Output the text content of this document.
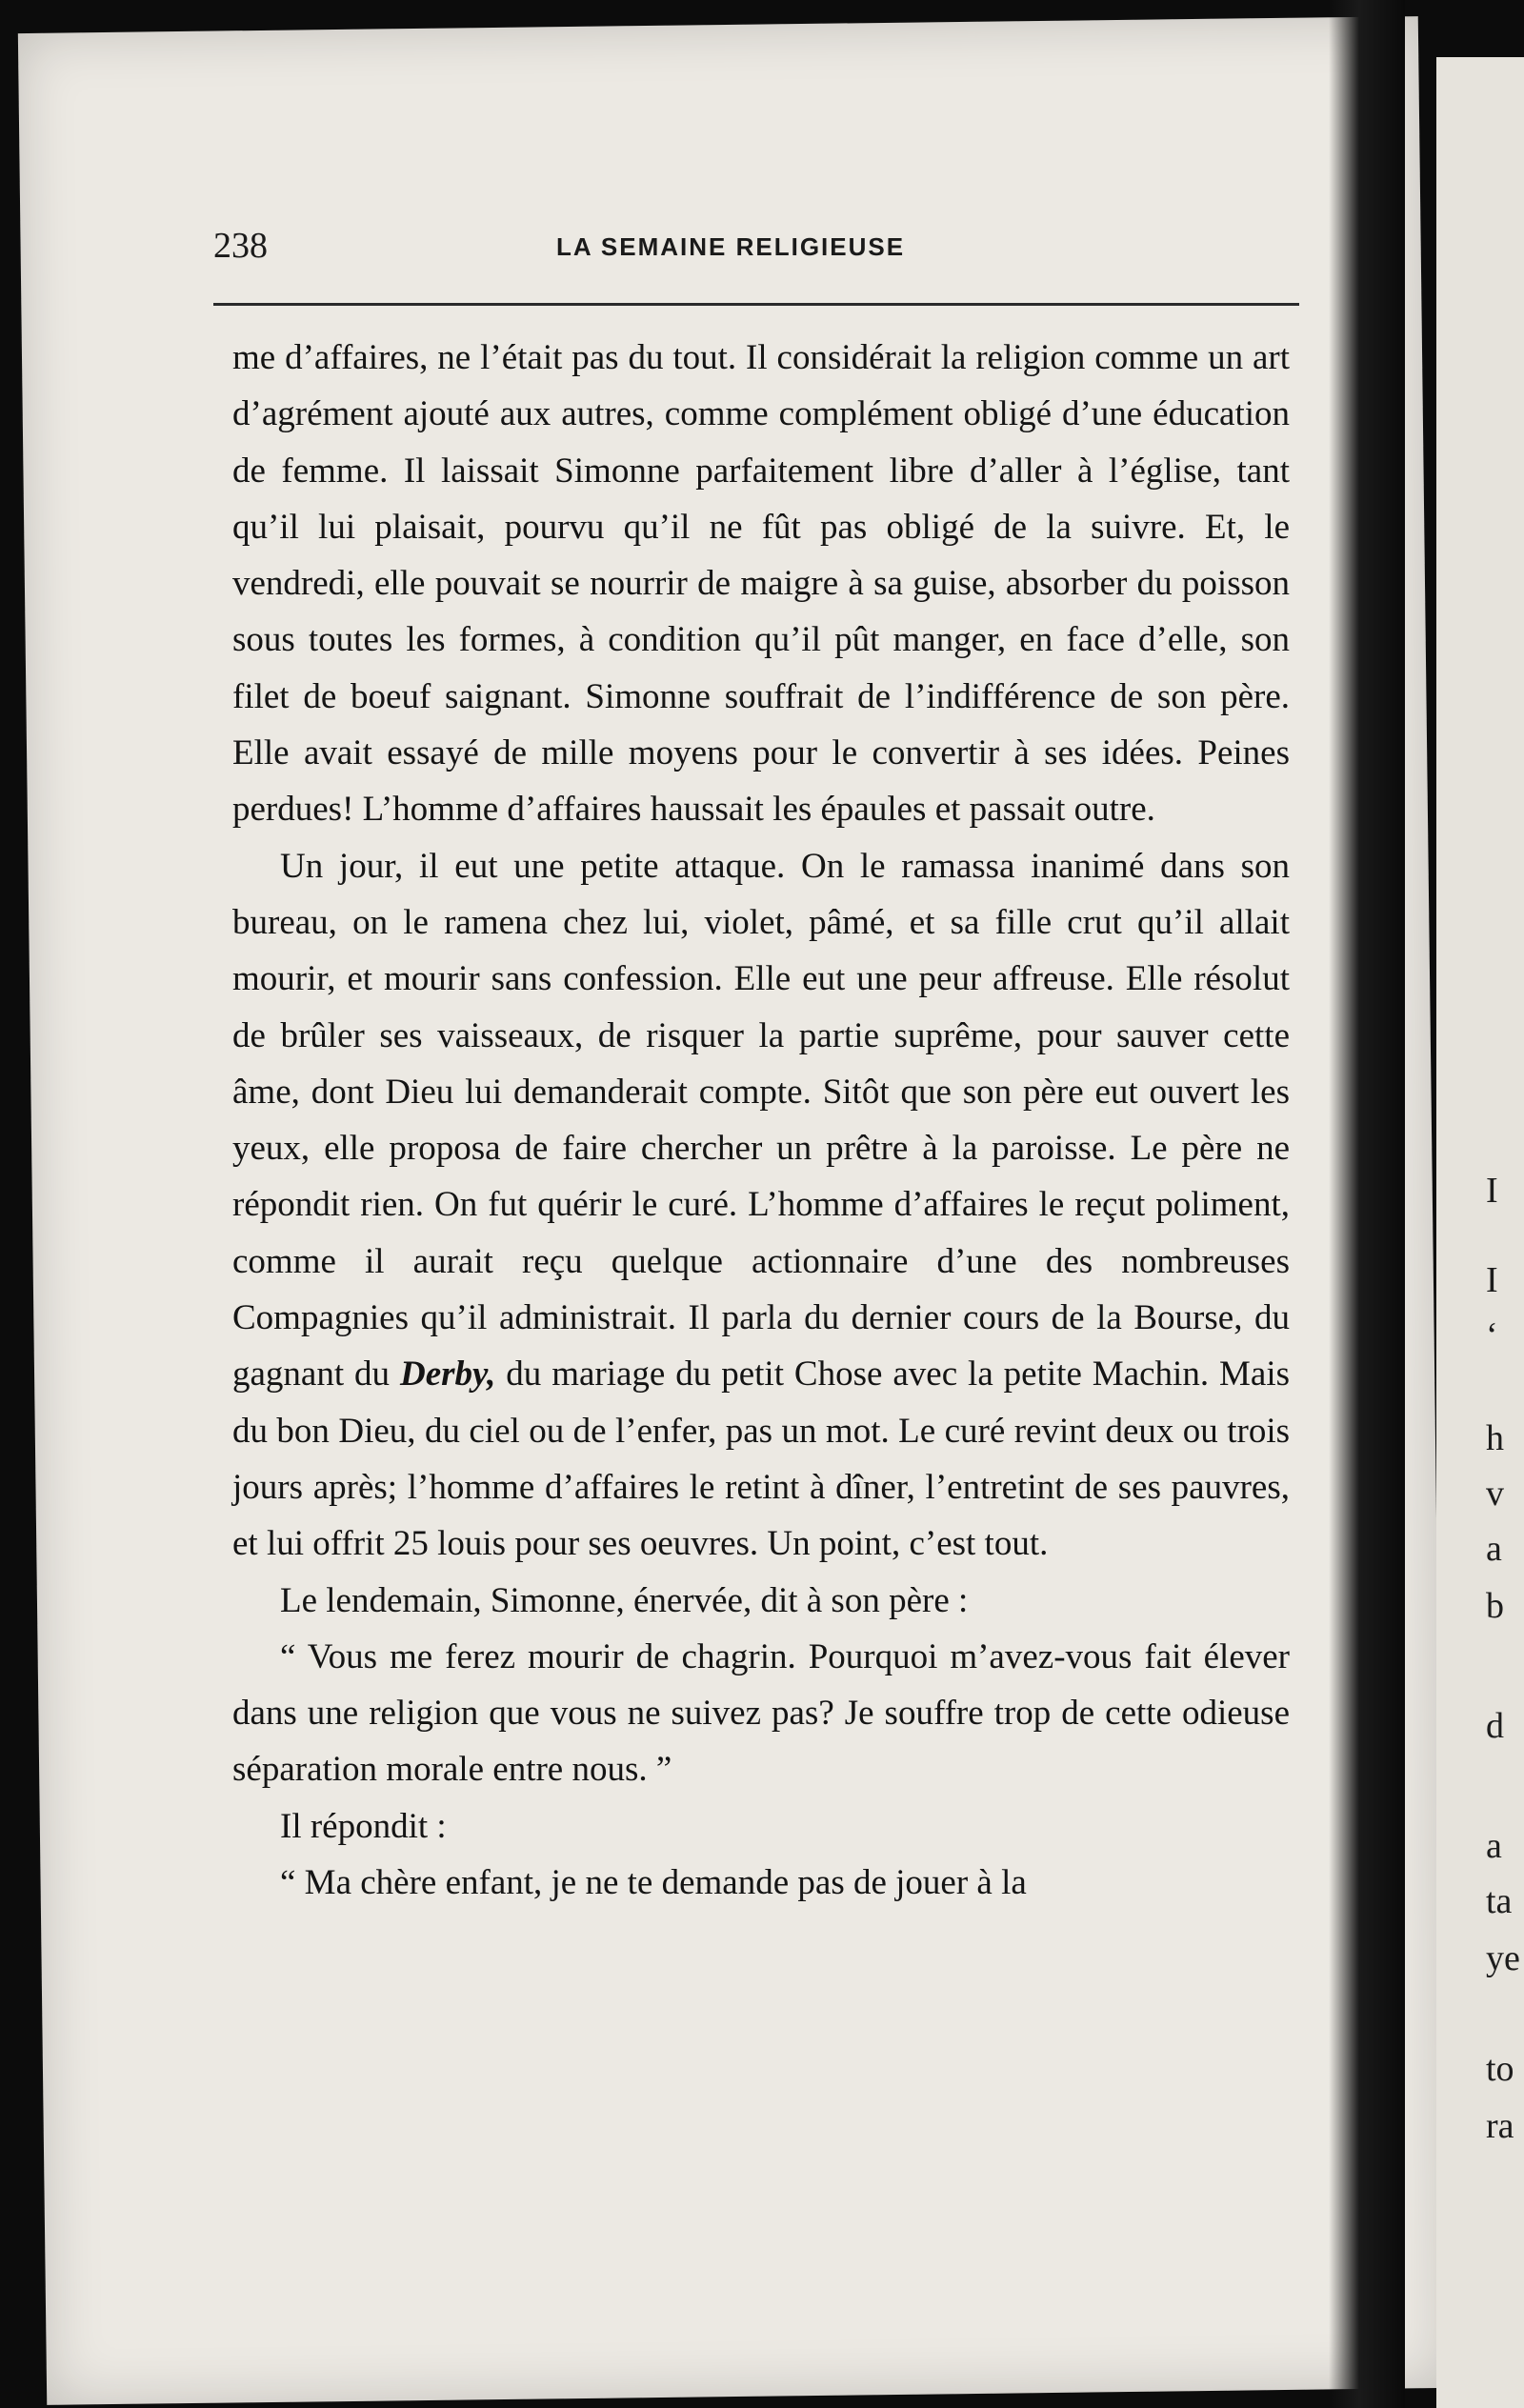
I
I
‘
h
v
a
b
d
a
ta
ye
to
ra
238	LA SEMAINE RELIGIEUSE

me d’affaires, ne l’était pas du tout. Il considérait la religion comme un art d’agrément ajouté aux autres, comme complément obligé d’une éducation de femme. Il laissait Simonne parfaitement libre d’aller à l’église, tant qu’il lui plaisait, pourvu qu’il ne fût pas obligé de la suivre. Et, le vendredi, elle pouvait se nourrir de maigre à sa guise, absorber du poisson sous toutes les formes, à condition qu’il pût manger, en face d’elle, son filet de boeuf saignant. Simonne souffrait de l’indifférence de son père. Elle avait essayé de mille moyens pour le convertir à ses idées. Peines perdues! L’homme d’affaires haussait les épaules et passait outre.

Un jour, il eut une petite attaque. On le ramassa inanimé dans son bureau, on le ramena chez lui, violet, pâmé, et sa fille crut qu’il allait mourir, et mourir sans confession. Elle eut une peur affreuse. Elle résolut de brûler ses vaisseaux, de risquer la partie suprême, pour sauver cette âme, dont Dieu lui demanderait compte. Sitôt que son père eut ouvert les yeux, elle proposa de faire chercher un prêtre à la paroisse. Le père ne répondit rien. On fut quérir le curé. L’homme d’affaires le reçut poliment, comme il aurait reçu quelque actionnaire d’une des nombreuses Compagnies qu’il administrait. Il parla du dernier cours de la Bourse, du gagnant du Derby, du mariage du petit Chose avec la petite Machin. Mais du bon Dieu, du ciel ou de l’enfer, pas un mot. Le curé revint deux ou trois jours après; l’homme d’affaires le retint à dîner, l’entretint de ses pauvres, et lui offrit 25 louis pour ses oeuvres. Un point, c’est tout.

Le lendemain, Simonne, énervée, dit à son père :

“ Vous me ferez mourir de chagrin. Pourquoi m’avez-vous fait élever dans une religion que vous ne suivez pas? Je souffre trop de cette odieuse séparation morale entre nous. ”

Il répondit :

“ Ma chère enfant, je ne te demande pas de jouer à la
